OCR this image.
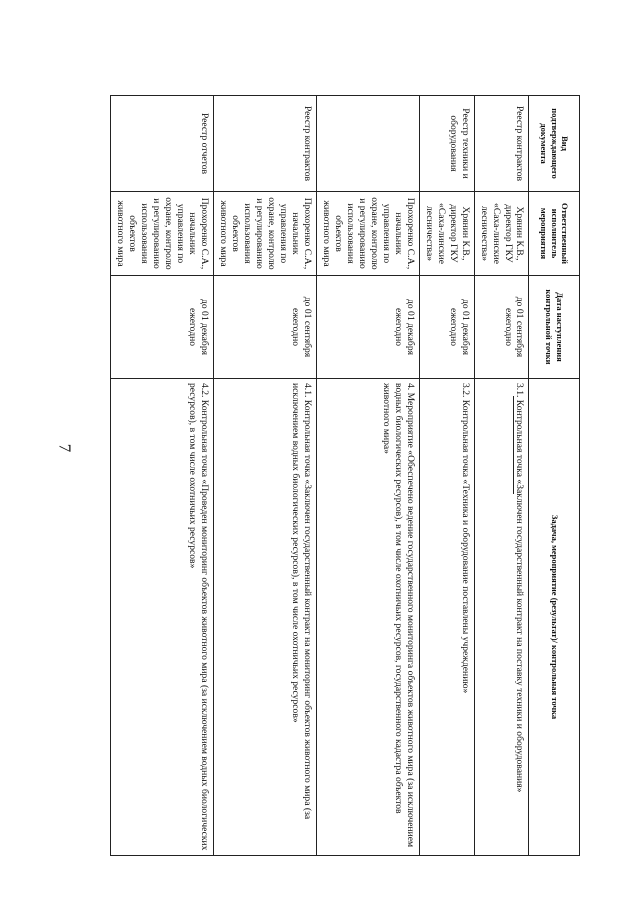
7
Вид подтверждающего документа	Ответственный исполнитель мероприятия	Дата наступления контрольной точки	Задача, мероприятие (результат)/ контрольная точка
Реестр контрактов	Хрянин К.В., директор ГКУ «Саха-линские лесничества»	до 01 сентября ежегодно	3.1. Контрольная точка «Заключен государственный контракт на поставку техники и оборудования»
Реестр техники и оборудования	Хрянин К.В., директор ГКУ «Саха-линские лесничества»	до 01 декабря ежегодно	3.2. Контрольная точка «Техника и оборудование поставлены учреждению»
	Прохоренко С.А., начальник управления по охране, контролю и регулированию использования объектов животного мира	до 01 декабря ежегодно	4. Мероприятие «Обеспечено ведение государственного мониторинга объектов животного мира (за исключением водных биологических ресурсов), в том числе охотничьих ресурсов, государственного кадастра объектов животного мира»
Реестр контрактов	Прохоренко С.А., начальник управления по охране, контролю и регулированию использования объектов животного мира	до 01 сентября ежегодно	4.1. Контрольная точка «Заключен государственный контракт на мониторинг объектов животного мира (за исключением водных биологических ресурсов), в том числе охотничьих ресурсов»
Реестр отчетов	Прохоренко С.А., начальник управления по охране, контролю и регулированию использования объектов животного мира	до 01 декабря ежегодно	4.2. Контрольная точка «Проведен мониторинг объектов животного мира (за исключением водных биологических ресурсов), в том числе охотничьих ресурсов»
